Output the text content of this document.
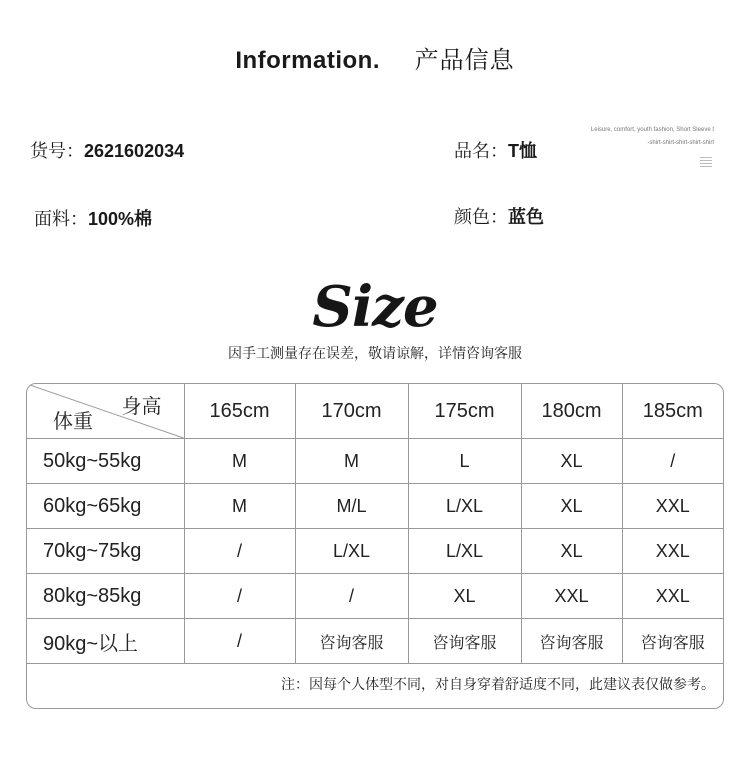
Information. 产品信息
货号：2621602034	品名：T恤
面料：100%棉	颜色：蓝色
Leisure, comfort, youth fashion, Short Sleeve t
-shirt-shirt-shirt-shirt-shirt
Size
因手工测量存在误差，敬请谅解，详情咨询客服
身高
体重	165cm	170cm	175cm	180cm	185cm
50kg~55kg	M	M	L	XL	/
60kg~65kg	M	M/L	L/XL	XL	XXL
70kg~75kg	/	L/XL	L/XL	XL	XXL
80kg~85kg	/	/	XL	XXL	XXL
90kg~以上	/	咨询客服	咨询客服	咨询客服	咨询客服
注：因每个人体型不同，对自身穿着舒适度不同，此建议表仅做参考。
